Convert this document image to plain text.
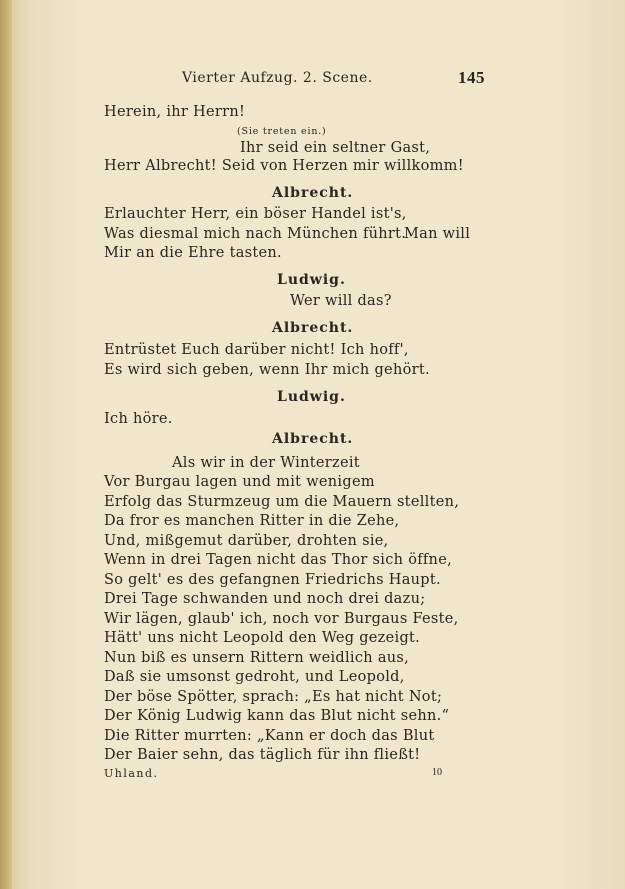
Vierter Aufzug. 2. Scene.	145
Herein, ihr Herrn!
(Sie treten ein.)
Ihr seid ein seltner Gast,
Herr Albrecht! Seid von Herzen mir willkomm!
Albrecht.
Erlauchter Herr, ein böser Handel ist's,
Was diesmal mich nach München führt.
Man will
Mir an die Ehre tasten.
Ludwig.
Wer will das?
Albrecht.
Entrüstet Euch darüber nicht! Ich hoff',
Es wird sich geben, wenn Ihr mich gehört.
Ludwig.
Ich höre.
Albrecht.
Als wir in der Winterzeit
Vor Burgau lagen und mit wenigem
Erfolg das Sturmzeug um die Mauern stellten,
Da fror es manchen Ritter in die Zehe,
Und, mißgemut darüber, drohten sie,
Wenn in drei Tagen nicht das Thor sich öffne,
So gelt' es des gefangnen Friedrichs Haupt.
Drei Tage schwanden und noch drei dazu;
Wir lägen, glaub' ich, noch vor Burgaus Feste,
Hätt' uns nicht Leopold den Weg gezeigt.
Nun biß es unsern Rittern weidlich aus,
Daß sie umsonst gedroht, und Leopold,
Der böse Spötter, sprach: „Es hat nicht Not;
Der König Ludwig kann das Blut nicht sehn.“
Die Ritter murrten: „Kann er doch das Blut
Der Baier sehn, das täglich für ihn fließt!
Uhland.	10
